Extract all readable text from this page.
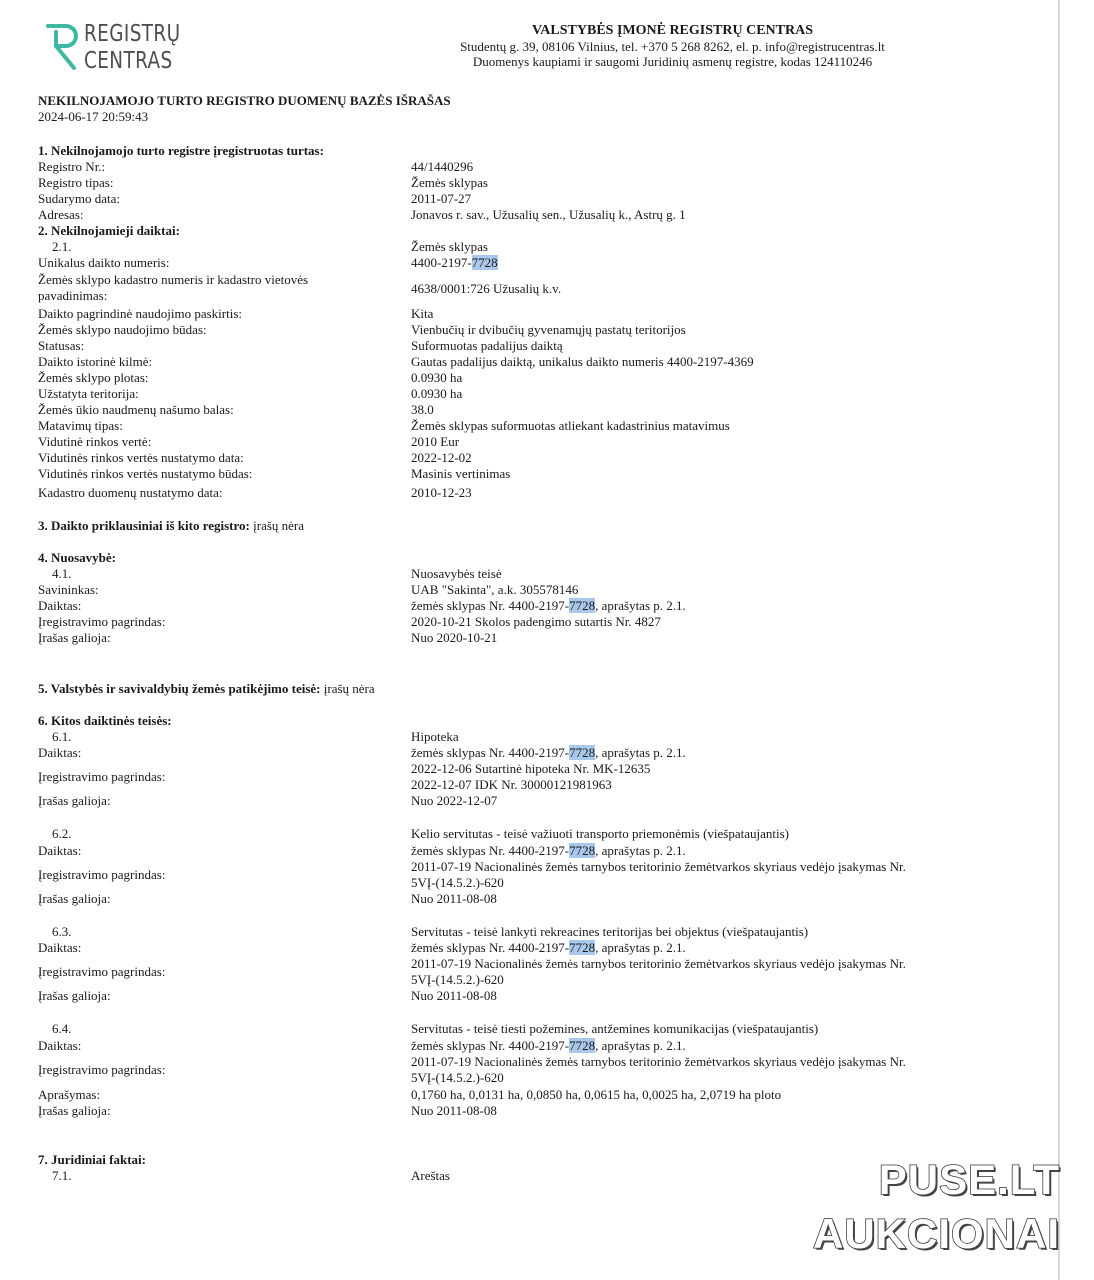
REGISTRŲ
CENTRAS
VALSTYBĖS ĮMONĖ REGISTRŲ CENTRAS
Studentų g. 39, 08106 Vilnius, tel. +370 5 268 8262, el. p. info@registrucentras.lt
Duomenys kaupiami ir saugomi Juridinių asmenų registre, kodas 124110246
NEKILNOJAMOJO TURTO REGISTRO DUOMENŲ BAZĖS IŠRAŠAS
2024-06-17 20:59:43
1. Nekilnojamojo turto registre įregistruotas turtas:
Registro Nr.:	44/1440296
Registro tipas:	Žemės sklypas
Sudarymo data:	2011-07-27
Adresas:	Jonavos r. sav., Užusalių sen., Užusalių k., Astrų g. 1
2. Nekilnojamieji daiktai:
2.1.	Žemės sklypas
Unikalus daikto numeris:	4400-2197-7728
Žemės sklypo kadastro numeris ir kadastro vietovės
pavadinimas:	4638/0001:726 Užusalių k.v.
Daikto pagrindinė naudojimo paskirtis:	Kita
Žemės sklypo naudojimo būdas:	Vienbučių ir dvibučių gyvenamųjų pastatų teritorijos
Statusas:	Suformuotas padalijus daiktą
Daikto istorinė kilmė:	Gautas padalijus daiktą, unikalus daikto numeris 4400-2197-4369
Žemės sklypo plotas:	0.0930 ha
Užstatyta teritorija:	0.0930 ha
Žemės ūkio naudmenų našumo balas:	38.0
Matavimų tipas:	Žemės sklypas suformuotas atliekant kadastrinius matavimus
Vidutinė rinkos vertė:	2010 Eur
Vidutinės rinkos vertės nustatymo data:	2022-12-02
Vidutinės rinkos vertės nustatymo būdas:	Masinis vertinimas
Kadastro duomenų nustatymo data:	2010-12-23
3. Daikto priklausiniai iš kito registro: įrašų nėra
4. Nuosavybė:
4.1.	Nuosavybės teisė
Savininkas:	UAB "Sakinta", a.k. 305578146
Daiktas:	žemės sklypas Nr. 4400-2197-7728, aprašytas p. 2.1.
Įregistravimo pagrindas:	2020-10-21 Skolos padengimo sutartis Nr. 4827
Įrašas galioja:	Nuo 2020-10-21
5. Valstybės ir savivaldybių žemės patikėjimo teisė: įrašų nėra
6. Kitos daiktinės teisės:
6.1.	Hipoteka
Daiktas:	žemės sklypas Nr. 4400-2197-7728, aprašytas p. 2.1.
Įregistravimo pagrindas:
2022-12-06 Sutartinė hipoteka Nr. MK-12635
2022-12-07 IDK Nr. 30000121981963
Įrašas galioja:	Nuo 2022-12-07
6.2.	Kelio servitutas - teisė važiuoti transporto priemonėmis (viešpataujantis)
Daiktas:	žemės sklypas Nr. 4400-2197-7728, aprašytas p. 2.1.
Įregistravimo pagrindas:
2011-07-19 Nacionalinės žemės tarnybos teritorinio žemėtvarkos skyriaus vedėjo įsakymas Nr.
5VĮ-(14.5.2.)-620
Įrašas galioja:	Nuo 2011-08-08
6.3.	Servitutas - teisė lankyti rekreacines teritorijas bei objektus (viešpataujantis)
Daiktas:	žemės sklypas Nr. 4400-2197-7728, aprašytas p. 2.1.
Įregistravimo pagrindas:
2011-07-19 Nacionalinės žemės tarnybos teritorinio žemėtvarkos skyriaus vedėjo įsakymas Nr.
5VĮ-(14.5.2.)-620
Įrašas galioja:	Nuo 2011-08-08
6.4.	Servitutas - teisė tiesti požemines, antžemines komunikacijas (viešpataujantis)
Daiktas:	žemės sklypas Nr. 4400-2197-7728, aprašytas p. 2.1.
Įregistravimo pagrindas:
2011-07-19 Nacionalinės žemės tarnybos teritorinio žemėtvarkos skyriaus vedėjo įsakymas Nr.
5VĮ-(14.5.2.)-620
Aprašymas:	0,1760 ha, 0,0131 ha, 0,0850 ha, 0,0615 ha, 0,0025 ha, 2,0719 ha ploto
Įrašas galioja:	Nuo 2011-08-08
7. Juridiniai faktai:
7.1.	Areštas	PUSE.LT
AUKCIONAI
